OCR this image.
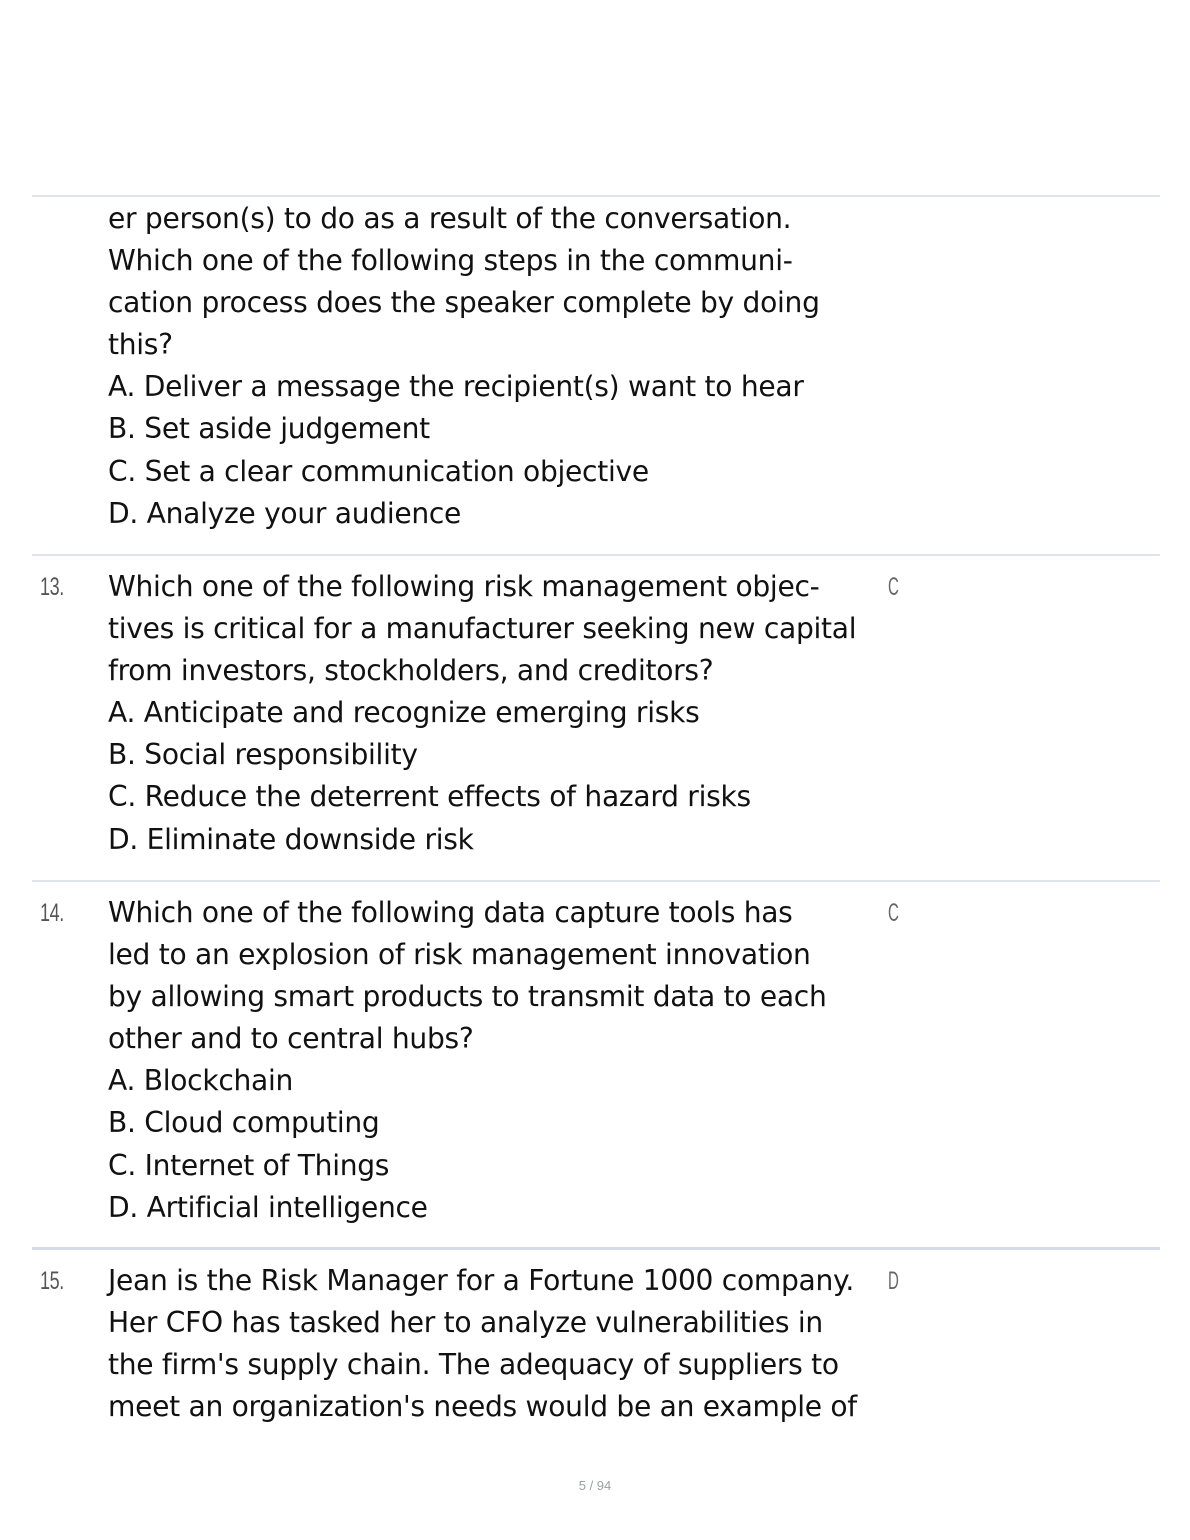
er person(s) to do as a result of the conversation.
Which one of the following steps in the communi-
cation process does the speaker complete by doing
this?
A. Deliver a message the recipient(s) want to hear
B. Set aside judgement
C. Set a clear communication objective
D. Analyze your audience
13. Which one of the following risk management objec-
tives is critical for a manufacturer seeking new capital
from investors, stockholders, and creditors?
A. Anticipate and recognize emerging risks
B. Social responsibility
C. Reduce the deterrent effects of hazard risks
D. Eliminate downside risk
C
14. Which one of the following data capture tools has
led to an explosion of risk management innovation
by allowing smart products to transmit data to each
other and to central hubs?
A. Blockchain
B. Cloud computing
C. Internet of Things
D. Artificial intelligence
C
15. Jean is the Risk Manager for a Fortune 1000 company.
Her CFO has tasked her to analyze vulnerabilities in
the firm's supply chain. The adequacy of suppliers to
meet an organization's needs would be an example of
D
5 / 94
